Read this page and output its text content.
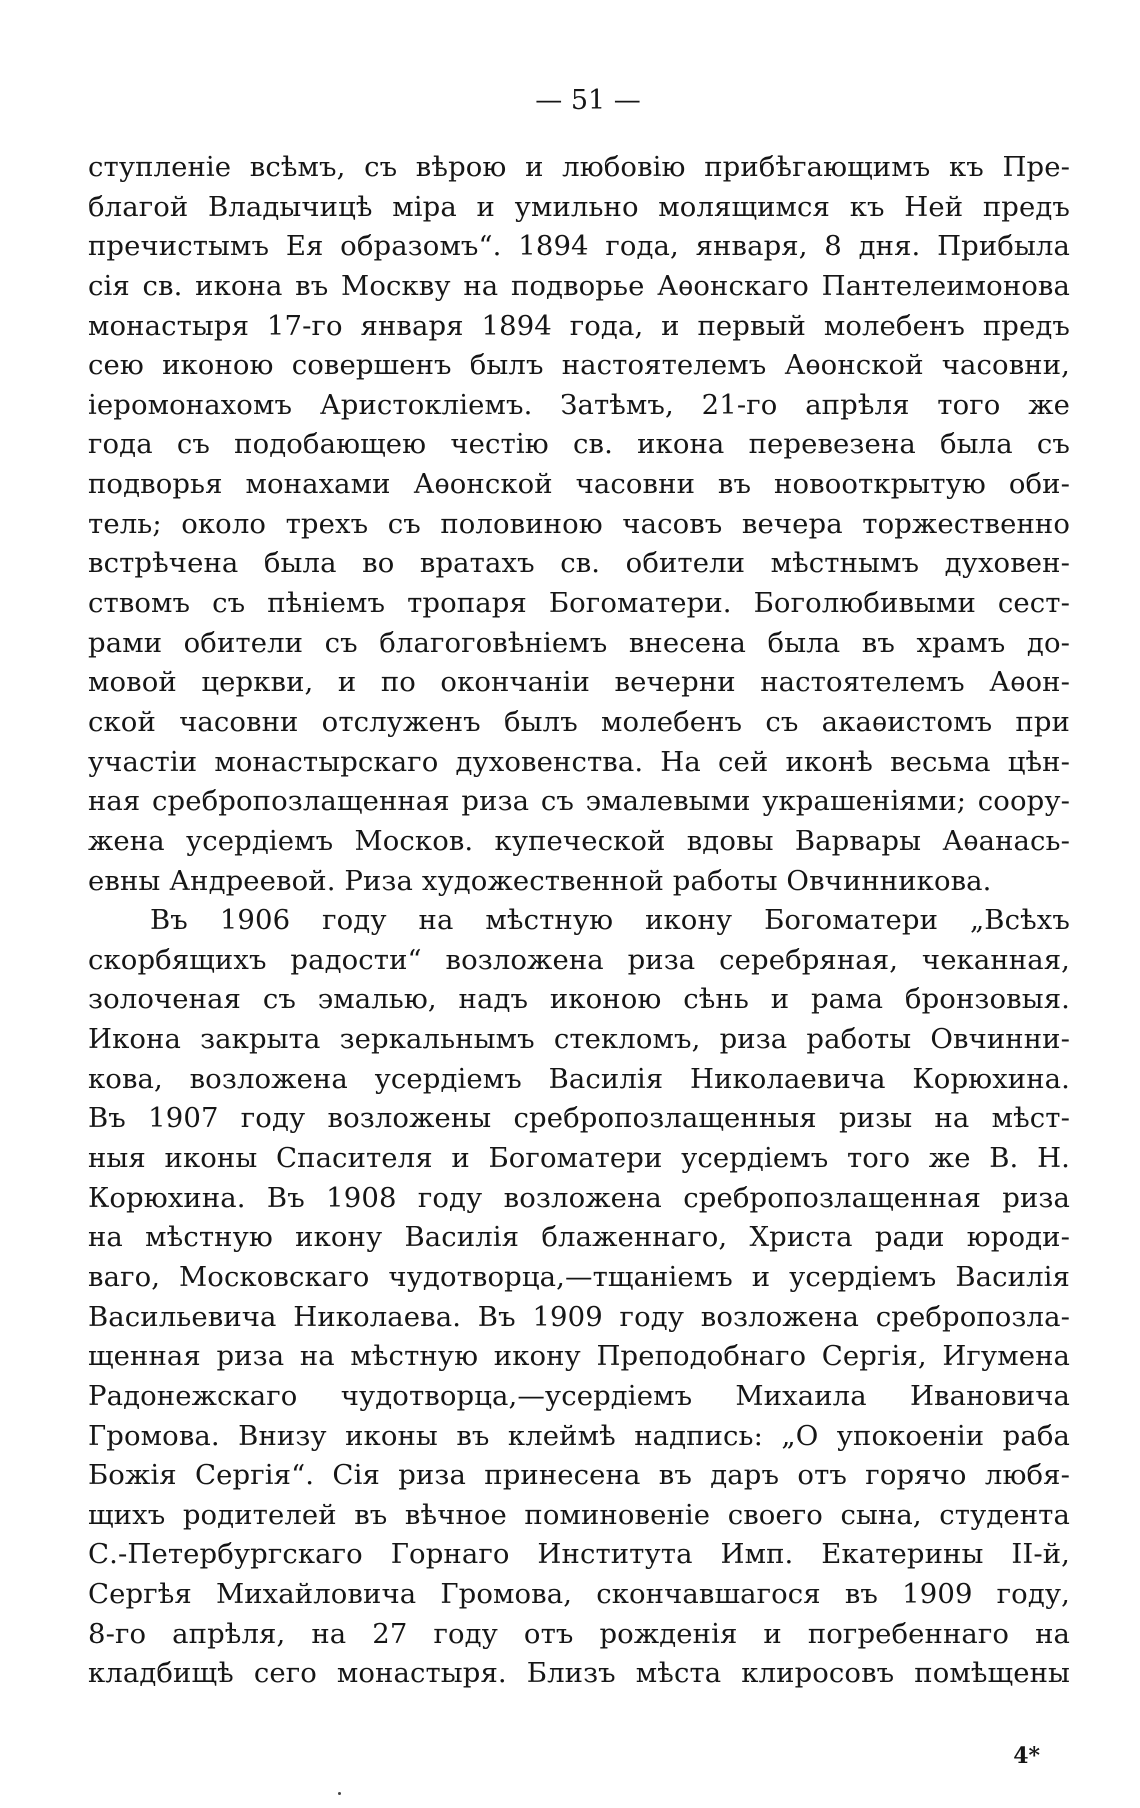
— 51 —
ступленіе всѣмъ, съ вѣрою и любовію прибѣгающимъ къ Пре-
благой Владычицѣ міра и умильно молящимся къ Ней предъ
пречистымъ Ея образомъ“. 1894 года, января, 8 дня. Прибыла
сія св. икона въ Москву на подворье Аѳонскаго Пантелеимонова
монастыря 17-го января 1894 года, и первый молебенъ предъ
сею иконою совершенъ былъ настоятелемъ Аѳонской часовни,
іеромонахомъ Аристокліемъ. Затѣмъ, 21-го апрѣля того же
года съ подобающею честію св. икона перевезена была съ
подворья монахами Аѳонской часовни въ новооткрытую оби-
тель; около трехъ съ половиною часовъ вечера торжественно
встрѣчена была во вратахъ св. обители мѣстнымъ духовен-
ствомъ съ пѣніемъ тропаря Богоматери. Боголюбивыми сест-
рами обители съ благоговѣніемъ внесена была въ храмъ до-
мовой церкви, и по окончаніи вечерни настоятелемъ Аѳон-
ской часовни отслуженъ былъ молебенъ съ акаѳистомъ при
участіи монастырскаго духовенства. На сей иконѣ весьма цѣн-
ная сребропозлащенная риза съ эмалевыми украшеніями; соору-
жена усердіемъ Москов. купеческой вдовы Варвары Аѳанась-
евны Андреевой. Риза художественной работы Овчинникова.
Въ 1906 году на мѣстную икону Богоматери „Всѣхъ
скорбящихъ радости“ возложена риза серебряная, чеканная,
золоченая съ эмалью, надъ иконою сѣнь и рама бронзовыя.
Икона закрыта зеркальнымъ стекломъ, риза работы Овчинни-
кова, возложена усердіемъ Василія Николаевича Корюхина.
Въ 1907 году возложены сребропозлащенныя ризы на мѣст-
ныя иконы Спасителя и Богоматери усердіемъ того же В. Н.
Корюхина. Въ 1908 году возложена сребропозлащенная риза
на мѣстную икону Василія блаженнаго, Христа ради юроди-
ваго, Московскаго чудотворца,—тщаніемъ и усердіемъ Василія
Васильевича Николаева. Въ 1909 году возложена сребропозла-
щенная риза на мѣстную икону Преподобнаго Сергія, Игумена
Радонежскаго чудотворца,—усердіемъ Михаила Ивановича
Громова. Внизу иконы въ клеймѣ надпись: „О упокоеніи раба
Божія Сергія“. Сія риза принесена въ даръ отъ горячо любя-
щихъ родителей въ вѣчное поминовеніе своего сына, студента
С.-Петербургскаго Горнаго Института Имп. Екатерины II-й,
Сергѣя Михайловича Громова, скончавшагося въ 1909 году,
8-го апрѣля, на 27 году отъ рожденія и погребеннаго на
кладбищѣ сего монастыря. Близъ мѣста клиросовъ помѣщены
4*
